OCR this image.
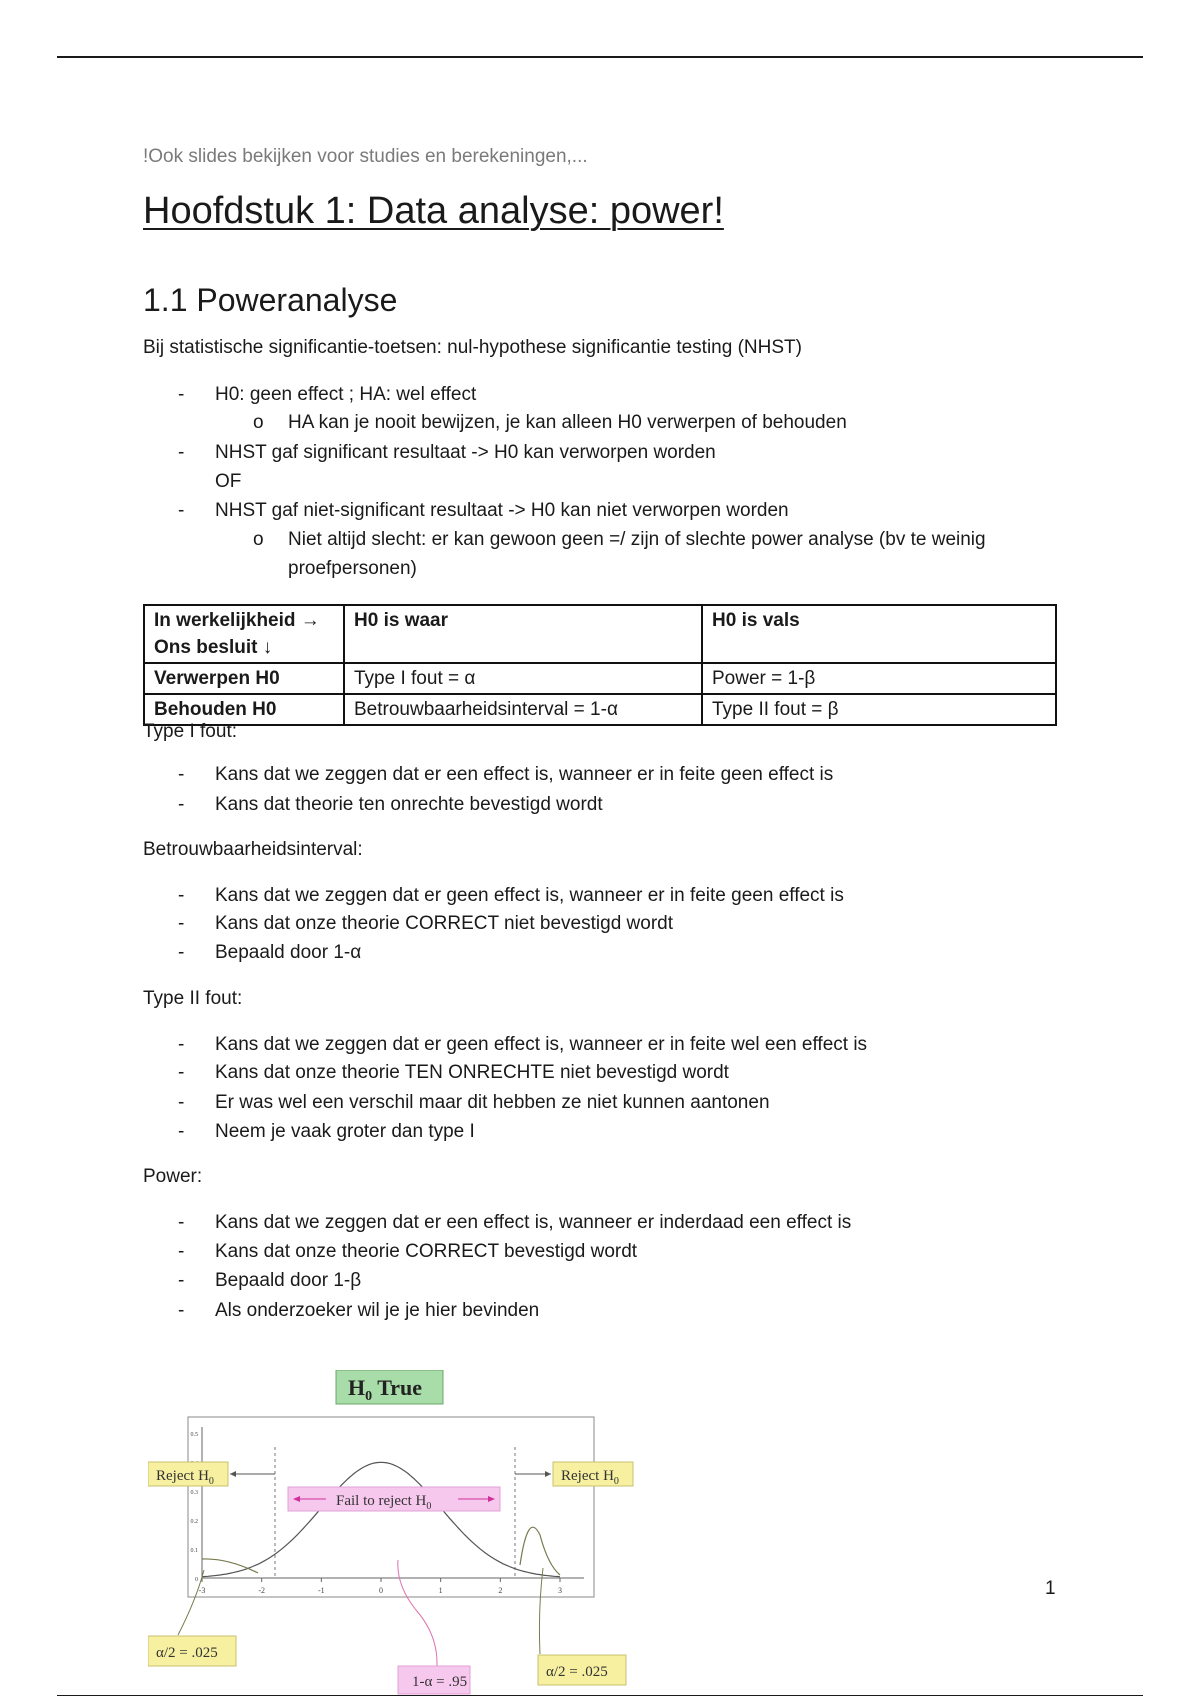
!Ook slides bekijken voor studies en berekeningen,...
Hoofdstuk 1: Data analyse: power!
1.1 Poweranalyse
Bij statistische significantie-toetsen: nul-hypothese significantie testing (NHST)
- H0: geen effect ; HA: wel effect
o HA kan je nooit bewijzen, je kan alleen H0 verwerpen of behouden
- NHST gaf significant resultaat -> H0 kan verworpen worden
OF
- NHST gaf niet-significant resultaat -> H0 kan niet verworpen worden
o Niet altijd slecht: er kan gewoon geen =/ zijn of slechte power analyse (bv te weinig proefpersonen)
In werkelijkheid →
Ons besluit ↓	H0 is waar	H0 is vals
Verwerpen H0	Type I fout = α	Power = 1-β
Behouden H0	Betrouwbaarheidsinterval = 1-α	Type II fout = β
Type I fout:
- Kans dat we zeggen dat er een effect is, wanneer er in feite geen effect is
- Kans dat theorie ten onrechte bevestigd wordt
Betrouwbaarheidsinterval:
- Kans dat we zeggen dat er geen effect is, wanneer er in feite geen effect is
- Kans dat onze theorie CORRECT niet bevestigd wordt
- Bepaald door 1-α
Type II fout:
- Kans dat we zeggen dat er geen effect is, wanneer er in feite wel een effect is
- Kans dat onze theorie TEN ONRECHTE niet bevestigd wordt
- Er was wel een verschil maar dit hebben ze niet kunnen aantonen
- Neem je vaak groter dan type I
Power:
- Kans dat we zeggen dat er een effect is, wanneer er inderdaad een effect is
- Kans dat onze theorie CORRECT bevestigd wordt
- Bepaald door 1-β
- Als onderzoeker wil je je hier bevinden
$H_0$ True
-3	-2	-1	0	1	2	3
0.5
0.3
0.2
0.1
0
Reject $H_0$	Reject $H_0$
Fail to reject $H_0$
α/2 = .025
α/2 = .025
1-α = .95
1
